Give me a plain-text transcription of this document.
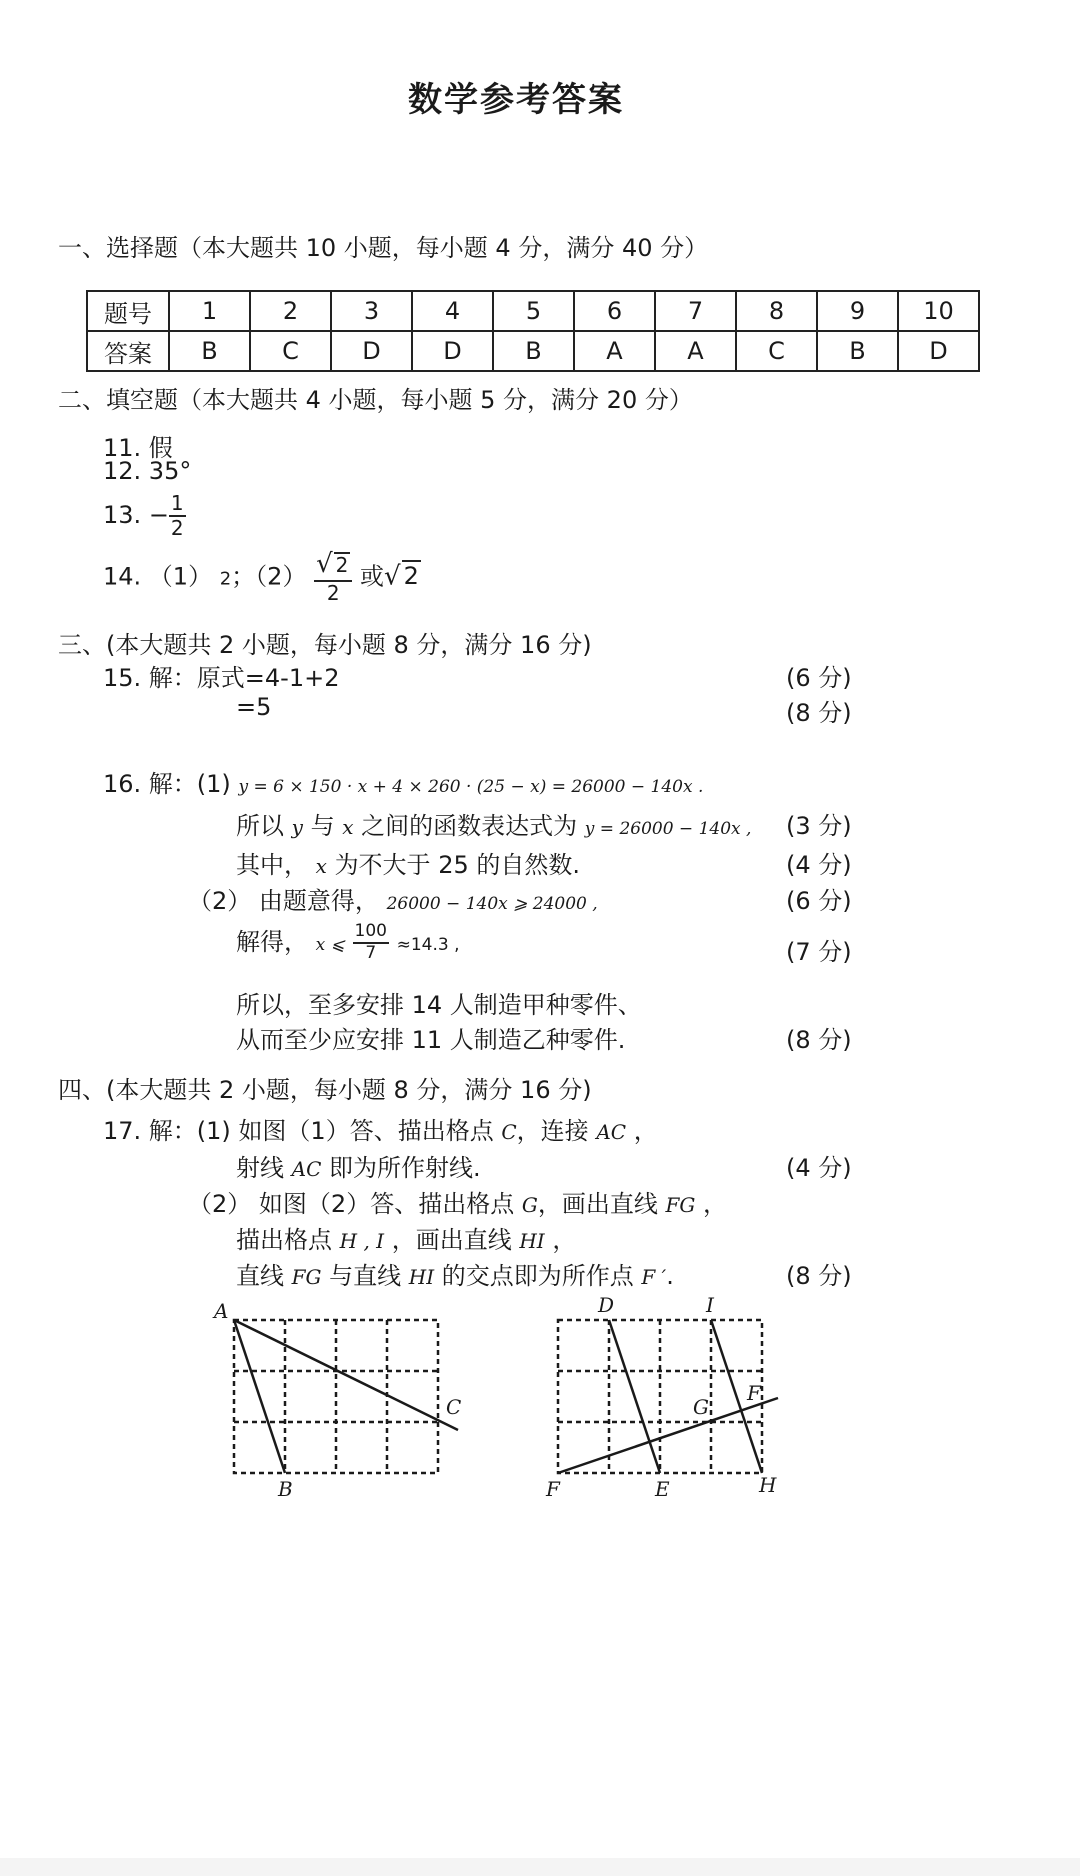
数学参考答案
一、选择题（本大题共 10 小题，每小题 4 分，满分 40 分）
题号	1	2	3	4	5	6	7	8	9	10
答案	B	C	D	D	B	A	A	C	B	D
二、填空题（本大题共 4 小题，每小题 5 分，满分 20 分）
11. 假
12. 35°
13. − $\frac{1}{2}$
14. （1） 2；$(2) \frac{√ 2}{2}$ 或√ 2
三、(本大题共 2 小题，每小题 8 分，满分 16 分)
15. 解：原式=4-1+2	(6 分)
=5	(8 分)
16. 解：(1) y = 6 × 150 · x + 4 × 260 · (25 − x) = 26000 − 140x .
所以 y 与 x 之间的函数表达式为 y = 26000 − 140x , (3 分)
其中， x 为不大于 25 的自然数.	(4 分)
（2） 由题意得， 26000 − 140x ⩾ 24000 ,	(6 分)
解得， x ⩽ $\frac{100}{7} \approx 14.3$ ,	(7 分)
所以，至多安排 14 人制造甲种零件、
从而至少应安排 11 人制造乙种零件.	(8 分)
四、(本大题共 2 小题，每小题 8 分，满分 16 分)
17. 解：(1) 如图（1）答、描出格点 C，连接 AC ，
射线 AC 即为所作射线.	(4 分)
（2） 如图（2）答、描出格点 G，画出直线 FG ，
描出格点 H , I ，画出直线 HI ，
直线 FG 与直线 HI 的交点即为所作点 F ′.	(8 分)
A
B
C
D	I
G
F
F	E	H
